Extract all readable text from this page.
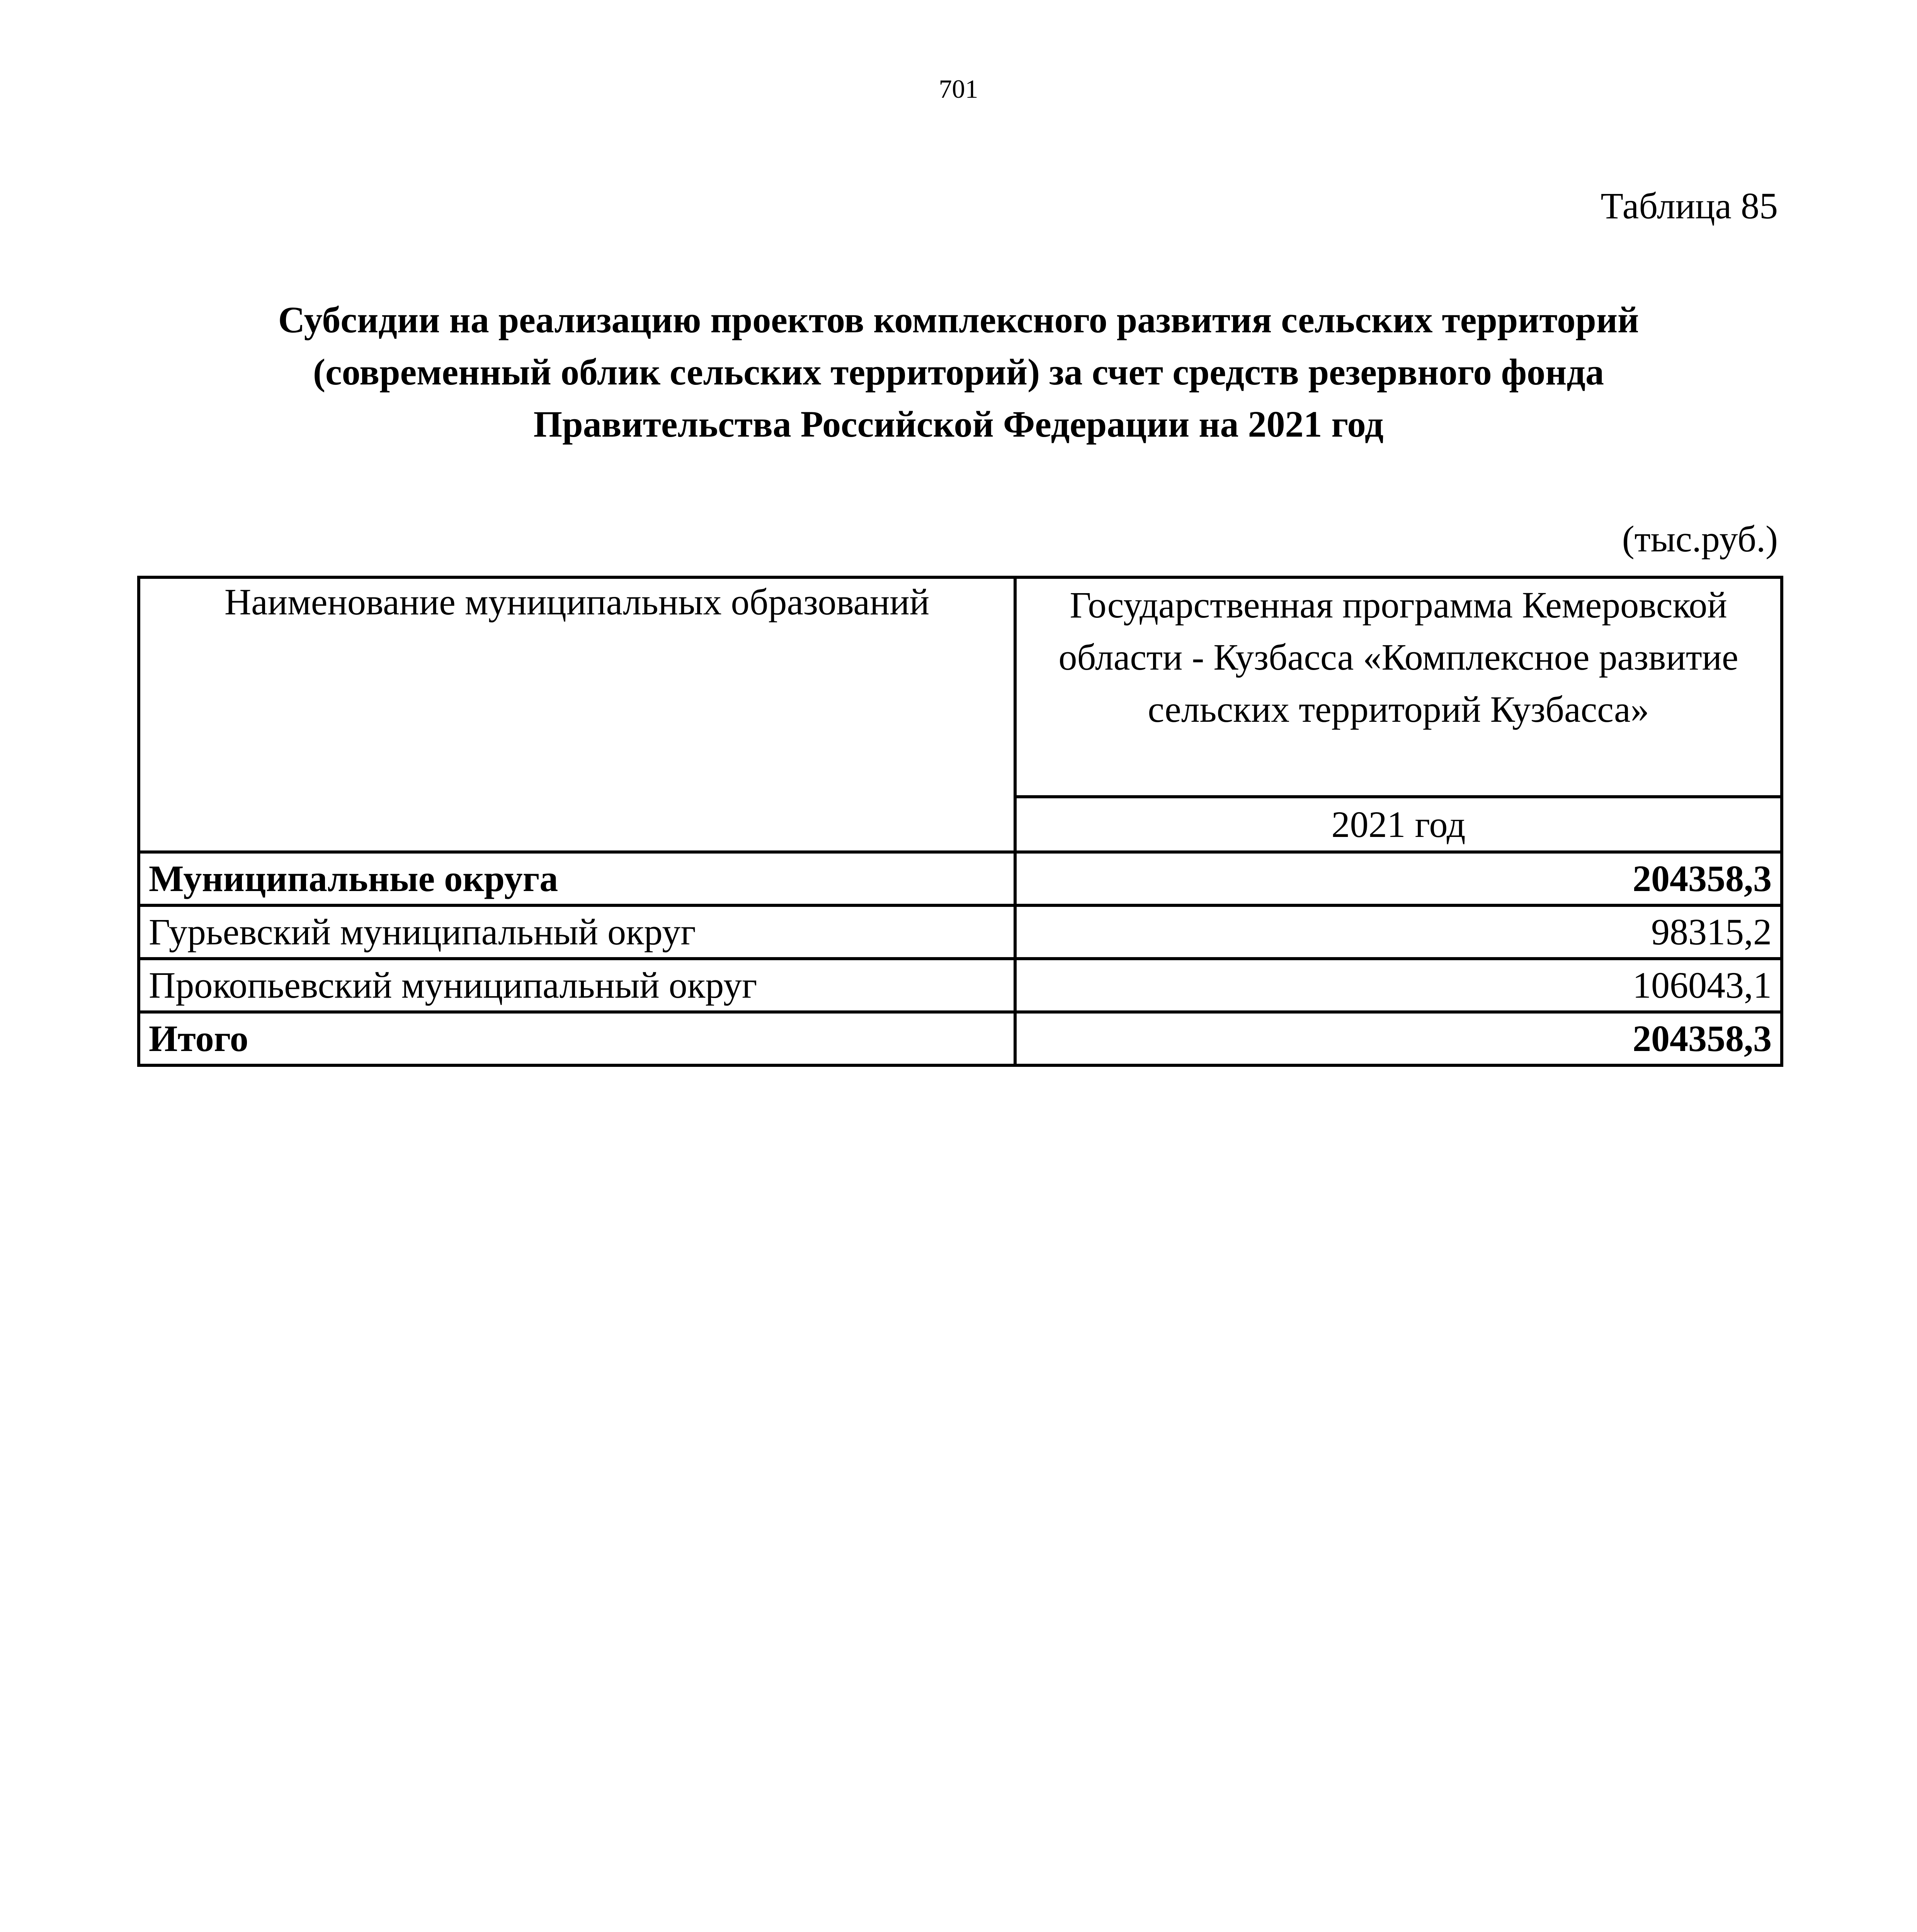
701
Таблица 85
Субсидии на реализацию проектов комплексного развития сельских территорий
(современный облик сельских территорий) за счет средств резервного фонда
Правительства Российской Федерации на 2021 год
(тыс.руб.)
Наименование муниципальных образований	Государственная программа Кемеровской области - Кузбасса «Комплексное развитие сельских территорий Кузбасса»
	2021 год
Муниципальные округа	204358,3
Гурьевский муниципальный округ	98315,2
Прокопьевский муниципальный округ	106043,1
Итого	204358,3
